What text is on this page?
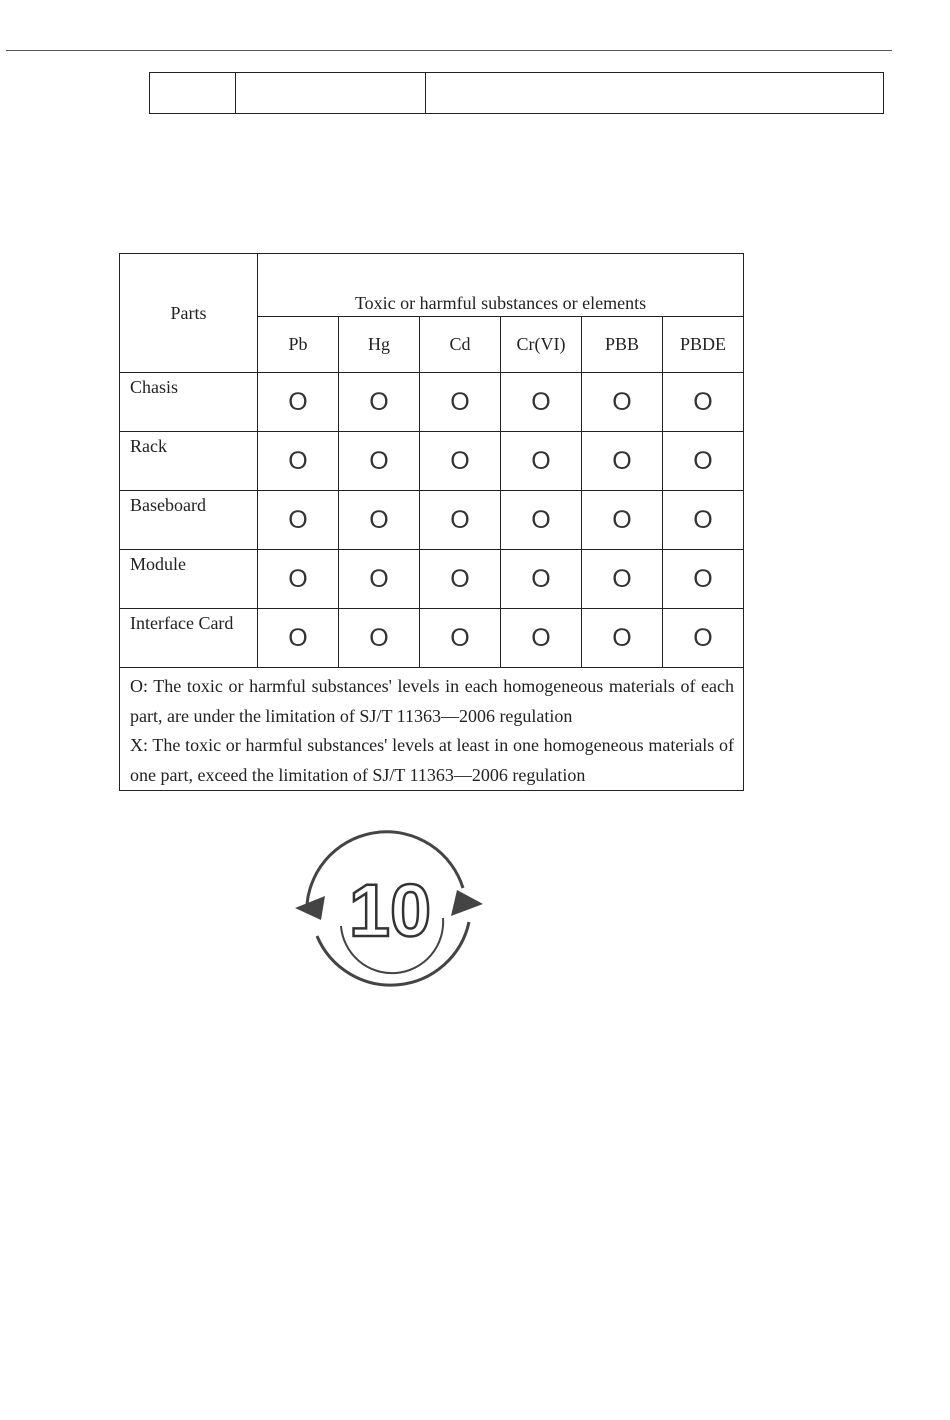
Parts	Toxic or harmful substances or elements					
	Pb	Hg	Cd	Cr(VI)	PBB	PBDE
Chasis	O	O	O	O	O	O
Rack	O	O	O	O	O	O
Baseboard	O	O	O	O	O	O
Module	O	O	O	O	O	O
Interface Card	O	O	O	O	O	O

O: The toxic or harmful substances' levels in each homogeneous materials of each part, are under the limitation of SJ/T 11363—2006 regulation

X: The toxic or harmful substances' levels at least in one homogeneous materials of one part, exceed the limitation of SJ/T 11363—2006 regulation						

10
